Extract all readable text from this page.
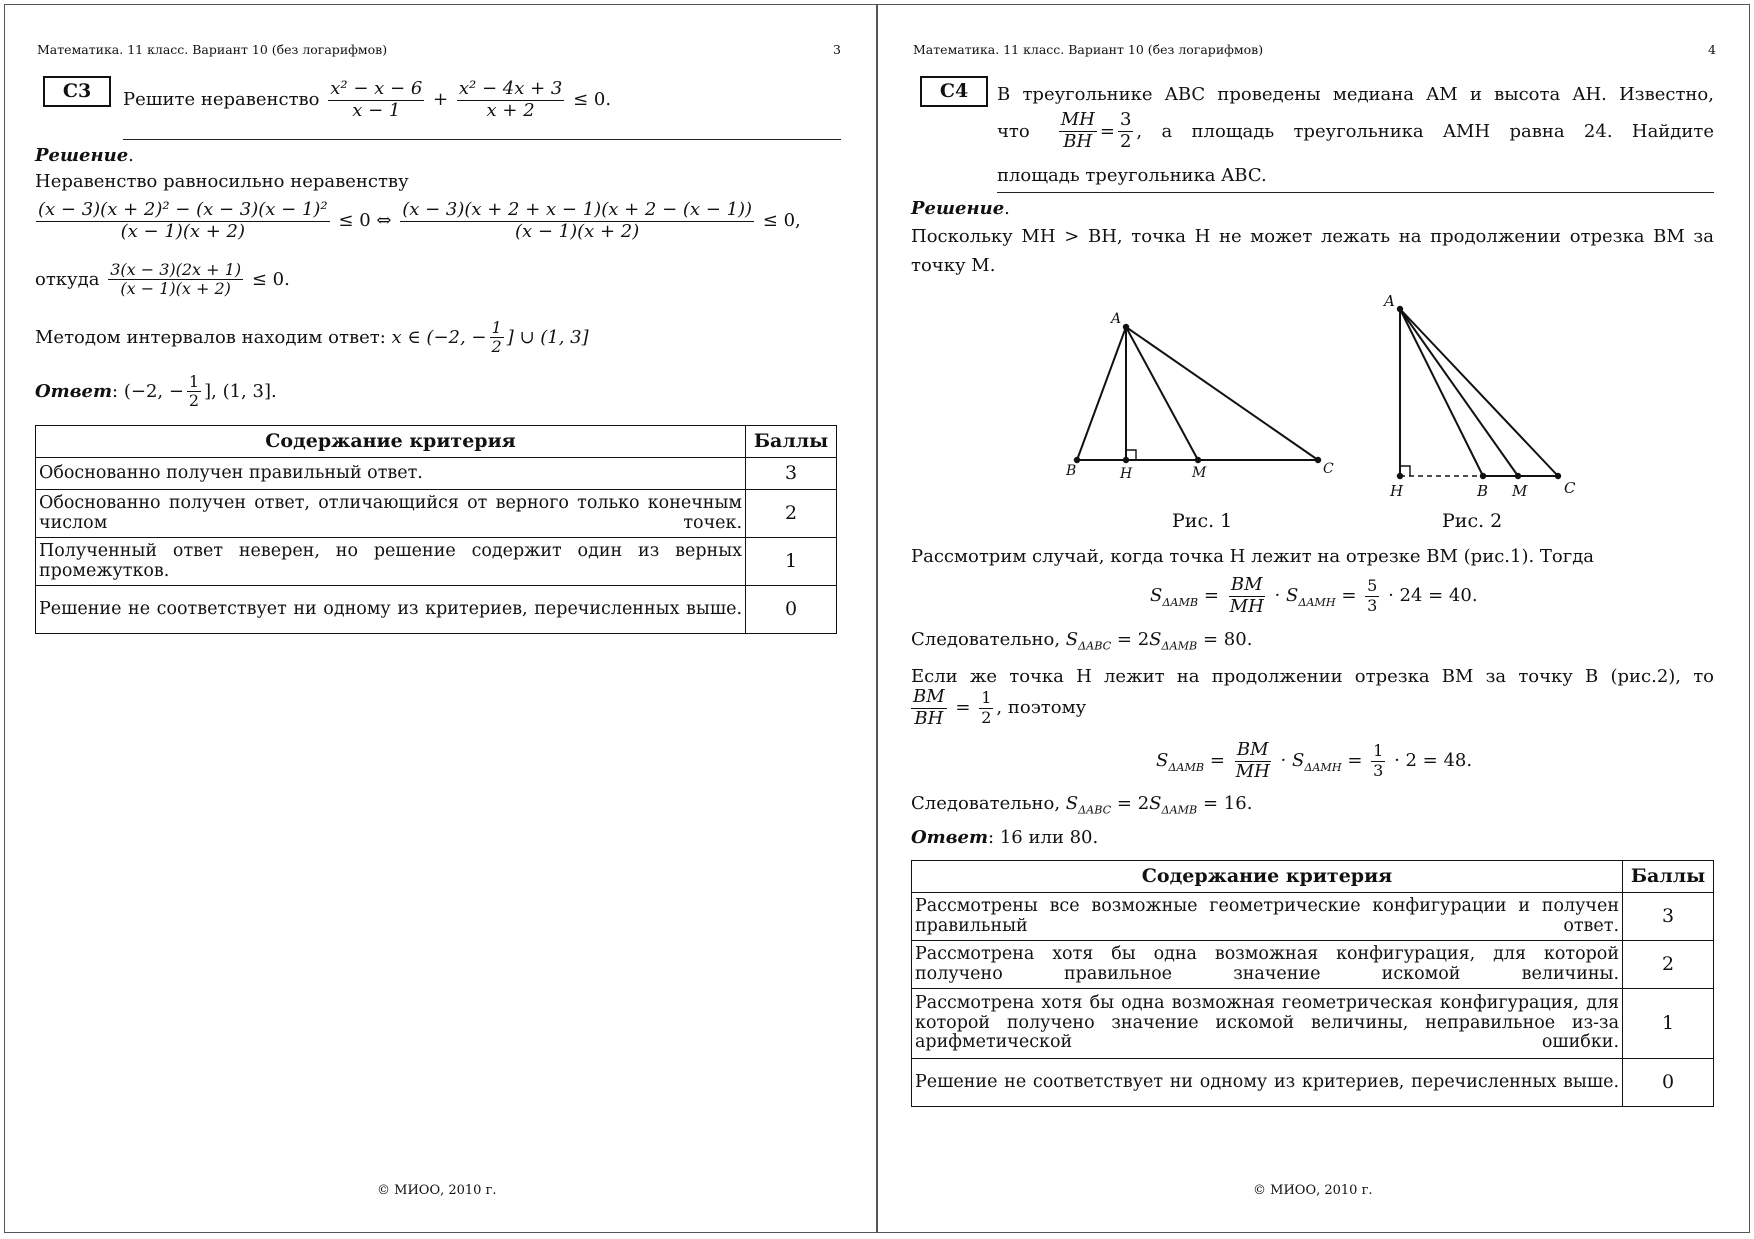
Математика. 11 класс. Вариант 10 (без логарифмов)	3
С3	Решите неравенство $\frac{\text{x² − x − 6}}{x - 1} + \frac{\text{x² − 4x + 3}}{x + 2} \le 0$.
Решение.
Неравенство равносильно неравенству
$\frac{\text{(x − 3)(x + 2)² − (x − 3)(x − 1)²}}{(x - 1)(x + 2)} \le 0$ ⇔ $\frac{(x - 3)(x + 2 + x - 1)(x + 2 - (x - 1))}{(x - 1)(x + 2)} \le 0$,
откуда $\frac{3(x - 3)(2x + 1)}{(x - 1)(x + 2)} \le 0$.
Методом интервалов находим ответ: x ∈ (−2, − $\frac{1}{2}$ ] ∪ (1, 3]
Ответ: (−2, − $\frac{1}{2}$ ], (1, 3].
Содержание критерия	Баллы
Обоснованно получен правильный ответ.	3
Обоснованно получен ответ, отличающийся от верного только конечным числом точек.	2
Полученный ответ неверен, но решение содержит один из верных промежутков.	1
Решение не соответствует ни одному из критериев, перечисленных выше.	0
© МИОО, 2010 г.
Математика. 11 класс. Вариант 10 (без логарифмов)	4
С4	В треугольнике ABC проведены медиана AM и высота AH. Известно,
что $\frac{MH}{BH} = \frac{3}{2}$ , а площадь треугольника AMH равна 24. Найдите
площадь треугольника ABC.
Решение.
Поскольку MH > BH, точка H не может лежать на продолжении отрезка BM за
точку M.
A
B	H	M	C
Рис. 1
A
H	B M C
Рис. 2
Рассмотрим случай, когда точка H лежит на отрезке BM (рис.1). Тогда
$S_{\Delta AMB} = \frac{BM}{MH} \cdot S_{\Delta AMH} = \frac{5}{3} \cdot 24 = 40$.
Следовательно, $S_{\Delta ABC} = 2S_{\Delta AMB} = 80$.
Если же точка H лежит на продолжении отрезка BM за точку B (рис.2), то
$\frac{BM}{BH} = \frac{1}{2}$ , поэтому
$S_{\Delta AMB} = \frac{BM}{MH} \cdot S_{\Delta AMH} = \frac{1}{3} \cdot 2 = 48$.
Следовательно, $S_{\Delta ABC} = 2S_{\Delta AMB} = 16$.
Ответ: 16 или 80.
Содержание критерия	Баллы
Рассмотрены все возможные геометрические конфигурации и получен правильный ответ.	3
Рассмотрена хотя бы одна возможная конфигурация, для которой получено правильное значение искомой величины.	2
Рассмотрена хотя бы одна возможная геометрическая конфигурация, для которой получено значение искомой величины, неправильное из-за арифметической ошибки.	1
Решение не соответствует ни одному из критериев, перечисленных выше.	0
© МИОО, 2010 г.
